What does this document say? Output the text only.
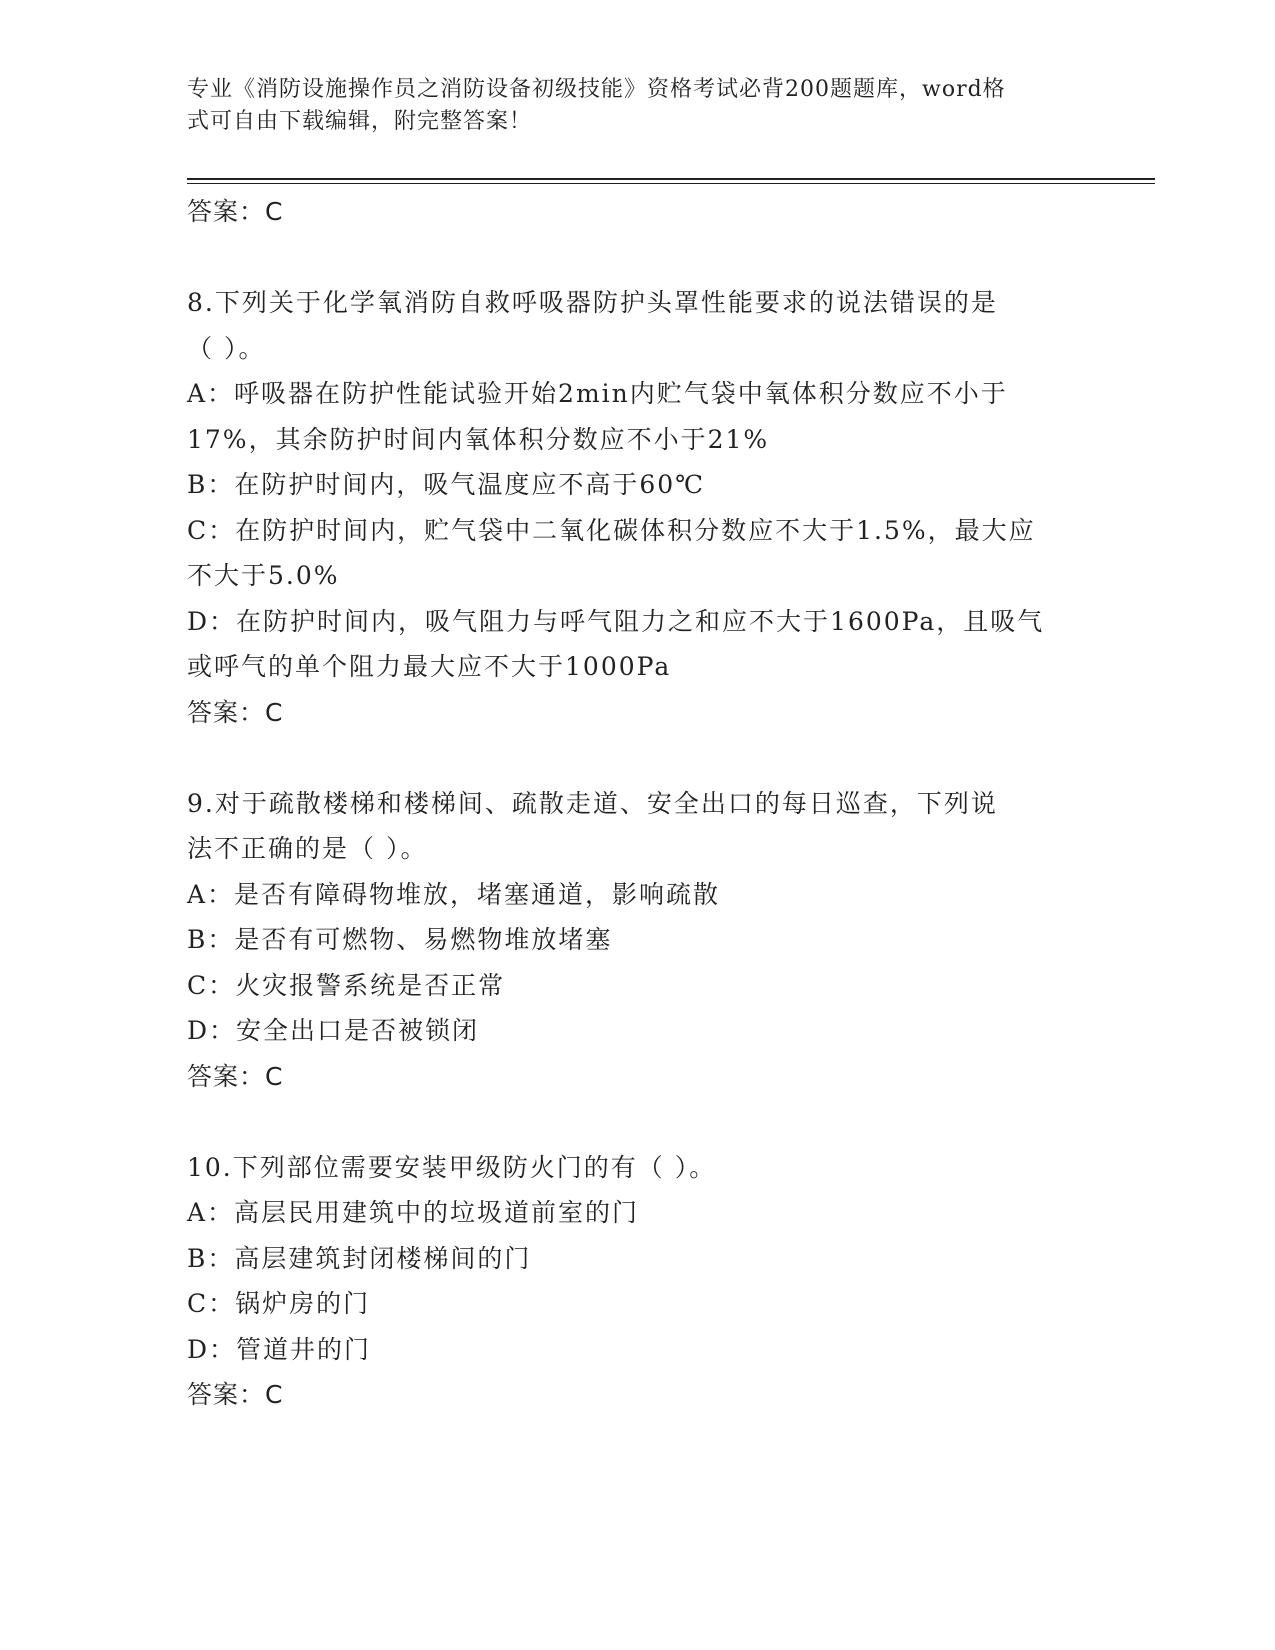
专业《消防设施操作员之消防设备初级技能》资格考试必背200题题库，word格
式可自由下载编辑，附完整答案！
答案：C
8.下列关于化学氧消防自救呼吸器防护头罩性能要求的说法错误的是
（ ）。
A：呼吸器在防护性能试验开始2min内贮气袋中氧体积分数应不小于
17%，其余防护时间内氧体积分数应不小于21%
B：在防护时间内，吸气温度应不高于60℃
C：在防护时间内，贮气袋中二氧化碳体积分数应不大于1.5%，最大应
不大于5.0%
D：在防护时间内，吸气阻力与呼气阻力之和应不大于1600Pa，且吸气
或呼气的单个阻力最大应不大于1000Pa
答案：C
9.对于疏散楼梯和楼梯间、疏散走道、安全出口的每日巡查，下列说
法不正确的是（ ）。
A：是否有障碍物堆放，堵塞通道，影响疏散
B：是否有可燃物、易燃物堆放堵塞
C：火灾报警系统是否正常
D：安全出口是否被锁闭
答案：C
10.下列部位需要安装甲级防火门的有（ ）。
A：高层民用建筑中的垃圾道前室的门
B：高层建筑封闭楼梯间的门
C：锅炉房的门
D：管道井的门
答案：C
